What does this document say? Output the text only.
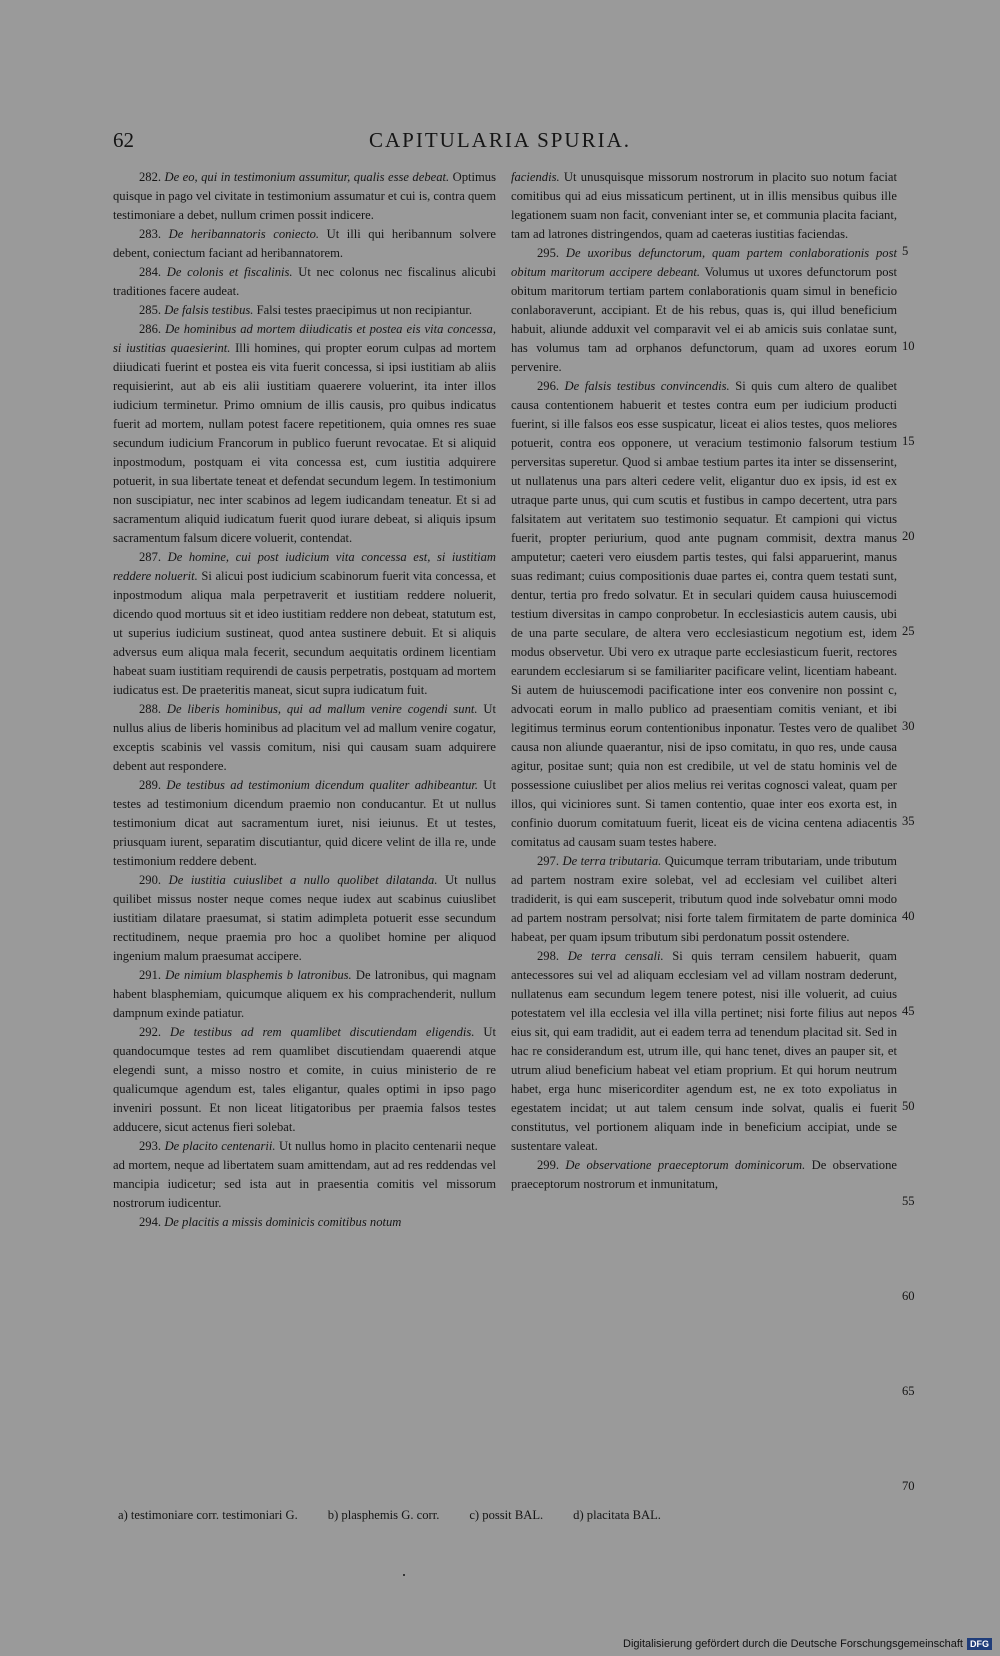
62	CAPITULARIA SPURIA.

282. De eo, qui in testimonium assumitur, qualis esse debeat. Optimus quisque in pago vel civitate in testimonium assumatur et cui is, contra quem testimoniare a debet, nullum crimen possit indicere.

283. De heribannatoris coniecto. Ut illi qui heribannum solvere debent, coniectum faciant ad heribannatorem.

284. De colonis et fiscalinis. Ut nec colonus nec fiscalinus alicubi traditiones facere audeat.

285. De falsis testibus. Falsi testes praecipimus ut non recipiantur.

286. De hominibus ad mortem diiudicatis et postea eis vita concessa, si iustitias quaesierint. Illi homines, qui propter eorum culpas ad mortem diiudicati fuerint et postea eis vita fuerit concessa, si ipsi iustitiam ab aliis requisierint, aut ab eis alii iustitiam quaerere voluerint, ita inter illos iudicium terminetur. Primo omnium de illis causis, pro quibus indicatus fuerit ad mortem, nullam potest facere repetitionem, quia omnes res suae secundum iudicium Francorum in publico fuerunt revocatae. Et si aliquid inpostmodum, postquam ei vita concessa est, cum iustitia adquirere potuerit, in sua libertate teneat et defendat secundum legem. In testimonium non suscipiatur, nec inter scabinos ad legem iudicandam teneatur. Et si ad sacramentum aliquid iudicatum fuerit quod iurare debeat, si aliquis ipsum sacramentum falsum dicere voluerit, contendat.

287. De homine, cui post iudicium vita concessa est, si iustitiam reddere noluerit. Si alicui post iudicium scabinorum fuerit vita concessa, et inpostmodum aliqua mala perpetraverit et iustitiam reddere noluerit, dicendo quod mortuus sit et ideo iustitiam reddere non debeat, statutum est, ut superius iudicium sustineat, quod antea sustinere debuit. Et si aliquis adversus eum aliqua mala fecerit, secundum aequitatis ordinem licentiam habeat suam iustitiam requirendi de causis perpetratis, postquam ad mortem iudicatus est. De praeteritis maneat, sicut supra iudicatum fuit.

288. De liberis hominibus, qui ad mallum venire cogendi sunt. Ut nullus alius de liberis hominibus ad placitum vel ad mallum venire cogatur, exceptis scabinis vel vassis comitum, nisi qui causam suam adquirere debent aut respondere.

289. De testibus ad testimonium dicendum qualiter adhibeantur. Ut testes ad testimonium dicendum praemio non conducantur. Et ut nullus testimonium dicat aut sacramentum iuret, nisi ieiunus. Et ut testes, priusquam iurent, separatim discutiantur, quid dicere velint de illa re, unde testimonium reddere debent.

290. De iustitia cuiuslibet a nullo quolibet dilatanda. Ut nullus quilibet missus noster neque comes neque iudex aut scabinus cuiuslibet iustitiam dilatare praesumat, si statim adimpleta potuerit esse secundum rectitudinem, neque praemia pro hoc a quolibet homine per aliquod ingenium malum praesumat accipere.

291. De nimium blasphemis b latronibus. De latronibus, qui magnam habent blasphemiam, quicumque aliquem ex his comprachenderit, nullum dampnum exinde patiatur.

292. De testibus ad rem quamlibet discutiendam eligendis. Ut quandocumque testes ad rem quamlibet discutiendam quaerendi atque elegendi sunt, a misso nostro et comite, in cuius ministerio de re qualicumque agendum est, tales eligantur, quales optimi in ipso pago inveniri possunt. Et non liceat litigatoribus per praemia falsos testes adducere, sicut actenus fieri solebat.

293. De placito centenarii. Ut nullus homo in placito centenarii neque ad mortem, neque ad libertatem suam amittendam, aut ad res reddendas vel mancipia iudicetur; sed ista aut in praesentia comitis vel missorum nostrorum iudicentur.

294. De placitis a missis dominicis comitibus notum

faciendis. Ut unusquisque missorum nostrorum in placito suo notum faciat comitibus qui ad eius missaticum pertinent, ut in illis mensibus quibus ille legationem suam non facit, conveniant inter se, et communia placita faciant, tam ad latrones distringendos, quam ad caeteras iustitias faciendas.

295. De uxoribus defunctorum, quam partem conlaborationis post obitum maritorum accipere debeant. Volumus ut uxores defunctorum post obitum maritorum tertiam partem conlaborationis quam simul in beneficio conlaboraverunt, accipiant. Et de his rebus, quas is, qui illud beneficium habuit, aliunde adduxit vel comparavit vel ei ab amicis suis conlatae sunt, has volumus tam ad orphanos defunctorum, quam ad uxores eorum pervenire.

296. De falsis testibus convincendis. Si quis cum altero de qualibet causa contentionem habuerit et testes contra eum per iudicium producti fuerint, si ille falsos eos esse suspicatur, liceat ei alios testes, quos meliores potuerit, contra eos opponere, ut veracium testimonio falsorum testium perversitas superetur. Quod si ambae testium partes ita inter se dissenserint, ut nullatenus una pars alteri cedere velit, eligantur duo ex ipsis, id est ex utraque parte unus, qui cum scutis et fustibus in campo decertent, utra pars falsitatem aut veritatem suo testimonio sequatur. Et campioni qui victus fuerit, propter periurium, quod ante pugnam commisit, dextra manus amputetur; caeteri vero eiusdem partis testes, qui falsi apparuerint, manus suas redimant; cuius compositionis duae partes ei, contra quem testati sunt, dentur, tertia pro fredo solvatur. Et in seculari quidem causa huiuscemodi testium diversitas in campo conprobetur. In ecclesiasticis autem causis, ubi de una parte seculare, de altera vero ecclesiasticum negotium est, idem modus observetur. Ubi vero ex utraque parte ecclesiasticum fuerit, rectores earundem ecclesiarum si se familiariter pacificare velint, licentiam habeant. Si autem de huiuscemodi pacificatione inter eos convenire non possint c, advocati eorum in mallo publico ad praesentiam comitis veniant, et ibi legitimus terminus eorum contentionibus inponatur. Testes vero de qualibet causa non aliunde quaerantur, nisi de ipso comitatu, in quo res, unde causa agitur, positae sunt; quia non est credibile, ut vel de statu hominis vel de possessione cuiuslibet per alios melius rei veritas cognosci valeat, quam per illos, qui viciniores sunt. Si tamen contentio, quae inter eos exorta est, in confinio duorum comitatuum fuerit, liceat eis de vicina centena adiacentis comitatus ad causam suam testes habere.

297. De terra tributaria. Quicumque terram tributariam, unde tributum ad partem nostram exire solebat, vel ad ecclesiam vel cuilibet alteri tradiderit, is qui eam susceperit, tributum quod inde solvebatur omni modo ad partem nostram persolvat; nisi forte talem firmitatem de parte dominica habeat, per quam ipsum tributum sibi perdonatum possit ostendere.

298. De terra censali. Si quis terram censilem habuerit, quam antecessores sui vel ad aliquam ecclesiam vel ad villam nostram dederunt, nullatenus eam secundum legem tenere potest, nisi ille voluerit, ad cuius potestatem vel illa ecclesia vel illa villa pertinet; nisi forte filius aut nepos eius sit, qui eam tradidit, aut ei eadem terra ad tenendum placitad sit. Sed in hac re considerandum est, utrum ille, qui hanc tenet, dives an pauper sit, et utrum aliud beneficium habeat vel etiam proprium. Et qui horum neutrum habet, erga hunc misericorditer agendum est, ne ex toto expoliatus in egestatem incidat; ut aut talem censum inde solvat, qualis ei fuerit constitutus, vel portionem aliquam inde in beneficium accipiat, unde se sustentare valeat.

299. De observatione praeceptorum dominicorum. De observatione praeceptorum nostrorum et inmunitatum,

5
10
15
20
25
30
35
40
45
50
55
60
65
70
a) testimoniare corr. testimoniari G. b) plasphemis G. corr. c) possit BAL. d) placitata BAL.
Digitalisierung gefördert durch die Deutsche Forschungsgemeinschaft DFG
